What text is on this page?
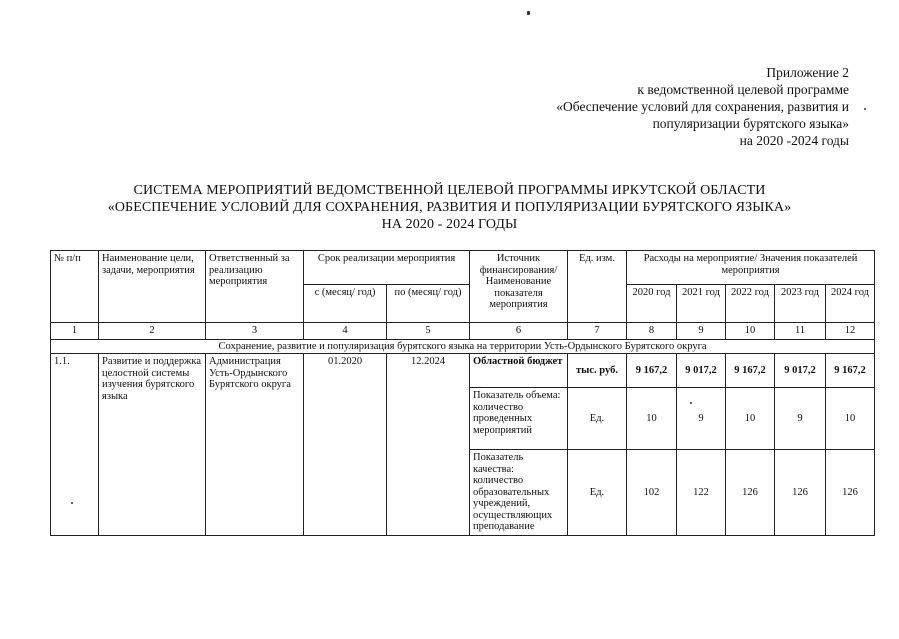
Приложение 2
к ведомственной целевой программе
«Обеспечение условий для сохранения, развития и
популяризации бурятского языка»
на 2020 -2024 годы
СИСТЕМА МЕРОПРИЯТИЙ ВЕДОМСТВЕННОЙ ЦЕЛЕВОЙ ПРОГРАММЫ ИРКУТСКОЙ ОБЛАСТИ
«ОБЕСПЕЧЕНИЕ УСЛОВИЙ ДЛЯ СОХРАНЕНИЯ, РАЗВИТИЯ И ПОПУЛЯРИЗАЦИИ БУРЯТСКОГО ЯЗЫКА»
НА 2020 - 2024 ГОДЫ
№ п/п	Наименование цели, задачи, мероприятия	Ответственный за реализацию мероприятия	Срок реализации мероприятия		Источник финансирования/ Наименование показателя мероприятия	Ед. изм.	Расходы на мероприятие/ Значения показателей мероприятия				
			с (месяц/ год)	по (месяц/ год)			2020 год	2021 год	2022 год	2023 год	2024 год
1	2	3	4	5	6	7	8	9	10	11	12
Сохранение, развитие и популяризация бурятского языка на территории Усть-Ордынского Бурятского округа											
1.1.	Развитие и поддержка целостной системы изучения бурятского языка	Администрация Усть-Ордынского Бурятского округа	01.2020	12.2024	Областной бюджет	тыс. руб.	9 167,2	9 017,2	9 167,2	9 017,2	9 167,2
					Показатель объема: количество проведенных мероприятий	Ед.	10	9	10	9	10
					Показатель качества: количество образовательных учреждений, осуществляющих преподавание	Ед.	102	122	126	126	126
